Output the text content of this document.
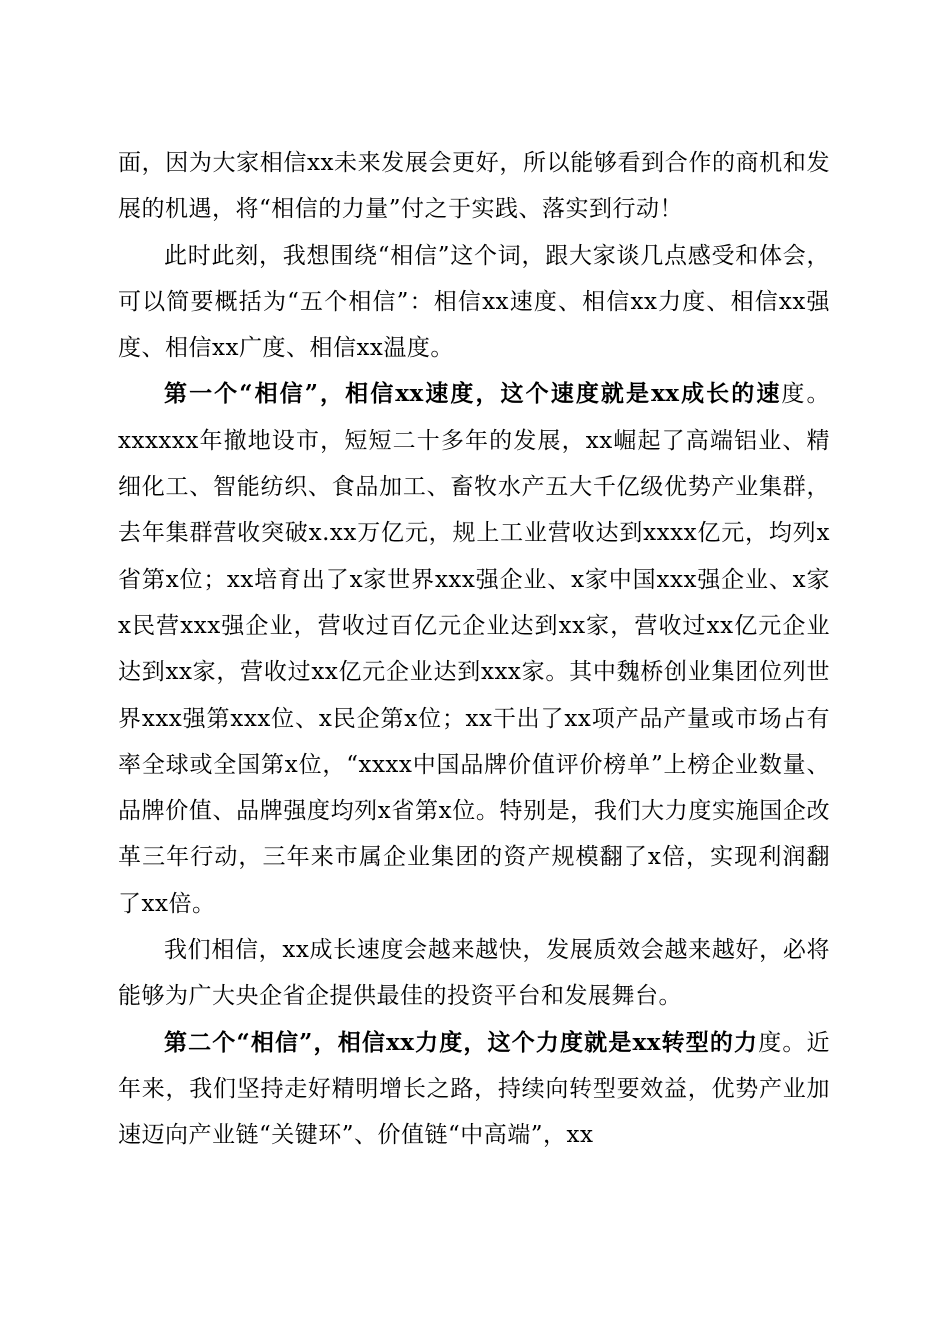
面，因为大家相信xx未来发展会更好，所以能够看到合作的商机和发展的机遇，将“相信的力量”付之于实践、落实到行动！

此时此刻，我想围绕“相信”这个词，跟大家谈几点感受和体会，可以简要概括为“五个相信”：相信xx速度、相信xx力度、相信xx强度、相信xx广度、相信xx温度。

第一个“相信”，相信xx速度，这个速度就是xx成长的速度。xxxxxx年撤地设市，短短二十多年的发展，xx崛起了高端铝业、精细化工、智能纺织、食品加工、畜牧水产五大千亿级优势产业集群，去年集群营收突破x.xx万亿元，规上工业营收达到xxxx亿元，均列x省第x位；xx培育出了x家世界xxx强企业、x家中国xxx强企业、x家x民营xxx强企业，营收过百亿元企业达到xx家，营收过xx亿元企业达到xx家，营收过xx亿元企业达到xxx家。其中魏桥创业集团位列世界xxx强第xxx位、x民企第x位；xx干出了xx项产品产量或市场占有率全球或全国第x位，“xxxx中国品牌价值评价榜单”上榜企业数量、品牌价值、品牌强度均列x省第x位。特别是，我们大力度实施国企改革三年行动，三年来市属企业集团的资产规模翻了x倍，实现利润翻了xx倍。

我们相信，xx成长速度会越来越快，发展质效会越来越好，必将能够为广大央企省企提供最佳的投资平台和发展舞台。

第二个“相信”，相信xx力度，这个力度就是xx转型的力度。近年来，我们坚持走好精明增长之路，持续向转型要效益，优势产业加速迈向产业链“关键环”、价值链“中高端”，xx
